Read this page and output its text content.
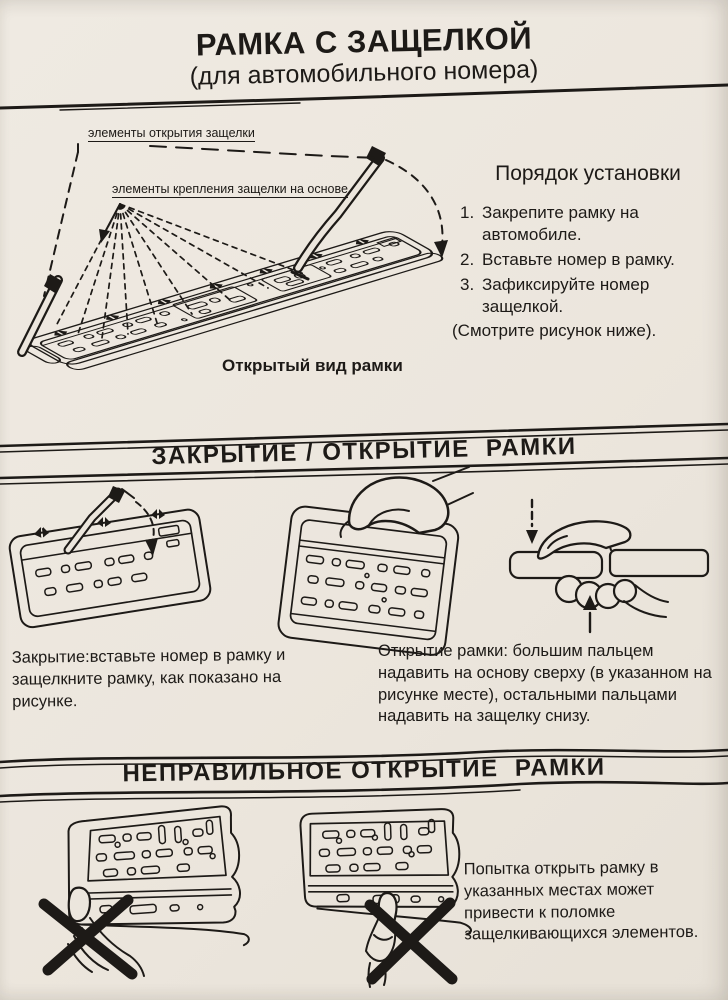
РАМКА С ЗАЩЕЛКОЙ
(для автомобильного номера)
элементы открытия защелки
элементы крепления защелки на основе
Открытый вид рамки
Порядок установки
1. Закрепите рамку на автомобиле.
2. Вставьте номер в рамку.
3. Зафиксируйте номер защелкой.
(Смотрите рисунок ниже).
ЗАКРЫТИЕ / ОТКРЫТИЕ  РАМКИ
Закрытие:вставьте номер в рамку и защелкните рамку, как показано на рисунке.
Открытие рамки: большим пальцем надавить на основу сверху (в указанном на рисунке месте), остальными пальцами надавить на защелку снизу.
НЕПРАВИЛЬНОЕ ОТКРЫТИЕ  РАМКИ
Попытка открыть рамку в указанных местах может привести к поломке защелкивающихся элементов.
